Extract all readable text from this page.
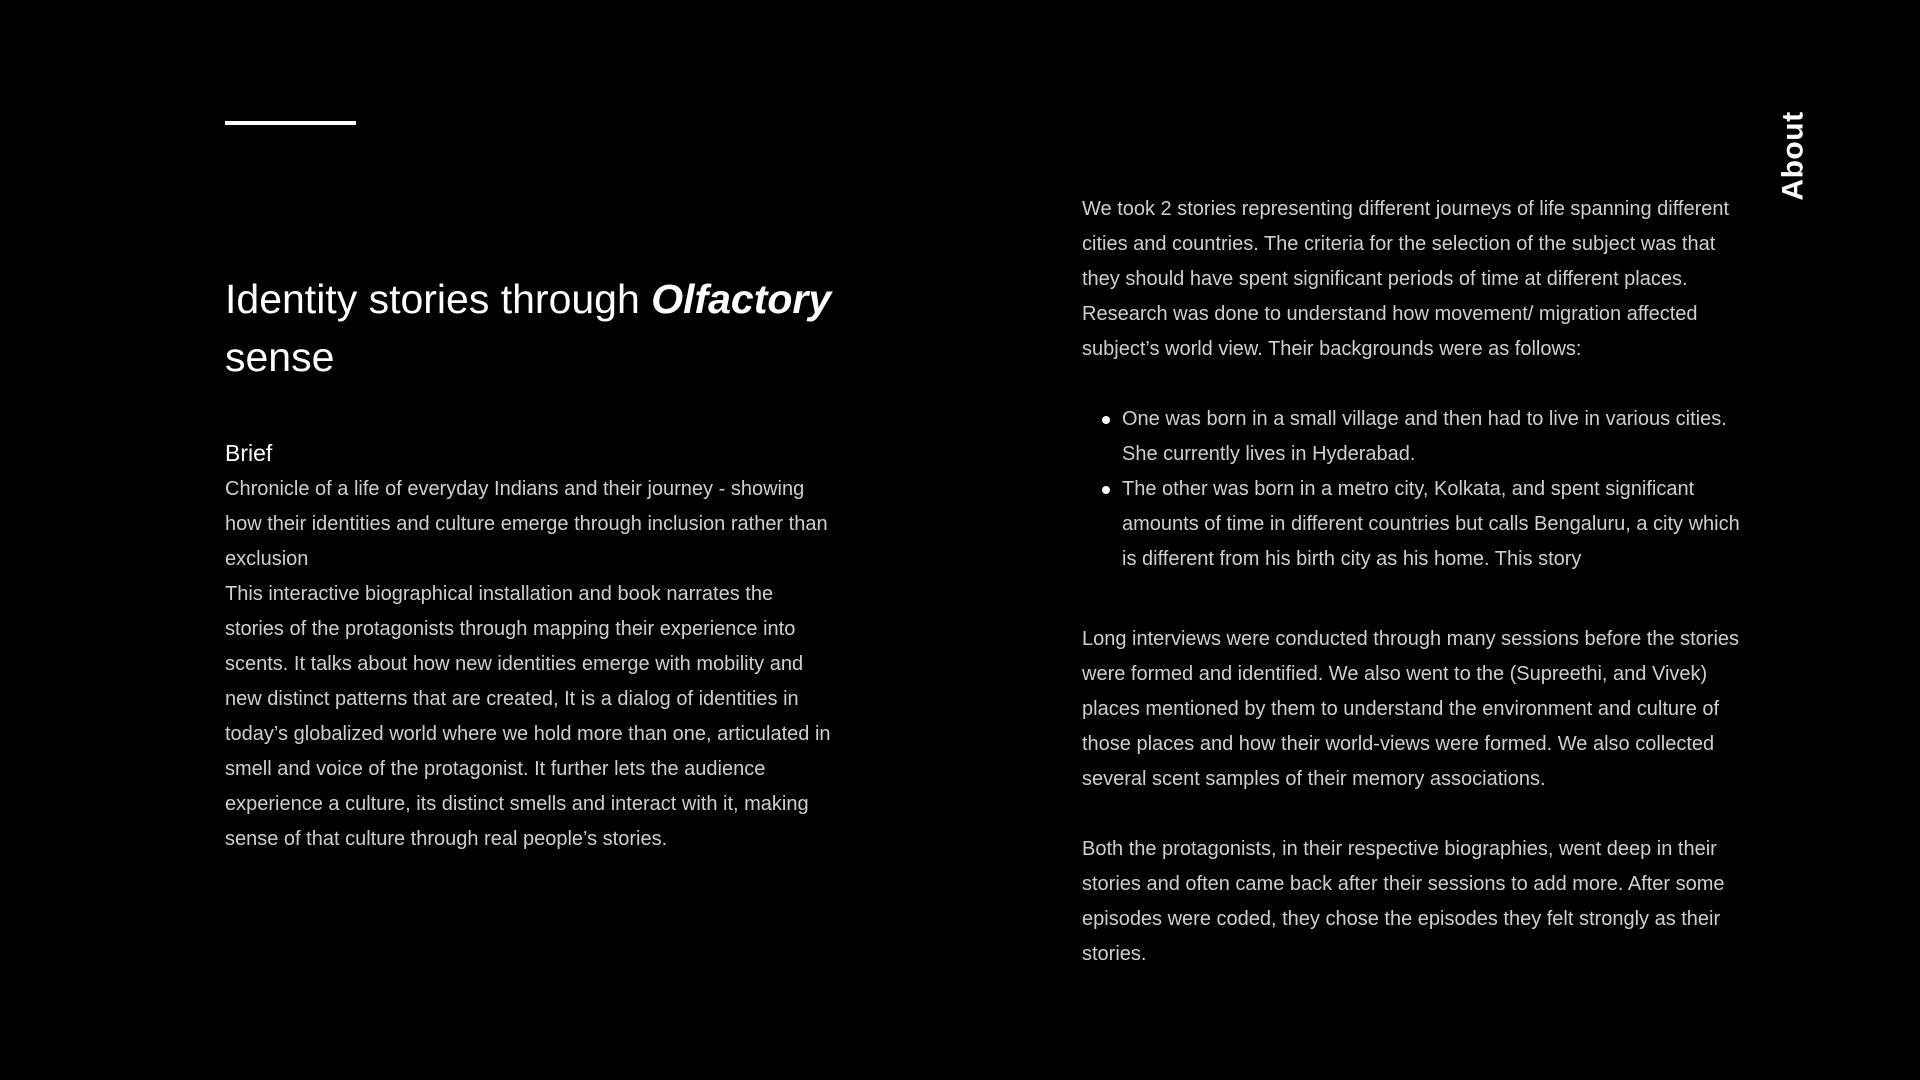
About
Identity stories through Olfactory
sense
Brief

Chronicle of a life of everyday Indians and their journey - showing how their identities and culture emerge through inclusion rather than exclusion

This interactive biographical installation and book narrates the stories of the protagonists through mapping their experience into scents. It talks about how new identities emerge with mobility and new distinct patterns that are created, It is a dialog of identities in today’s globalized world where we hold more than one, articulated in smell and voice of the protagonist. It further lets the audience experience a culture, its distinct smells and interact with it, making sense of that culture through real people’s stories.

We took 2 stories representing different journeys of life spanning different cities and countries. The criteria for the selection of the subject was that they should have spent significant periods of time at different places. Research was done to understand how movement/ migration affected subject’s world view. Their backgrounds were as follows:

One was born in a small village and then had to live in various cities. She currently lives in Hyderabad.
The other was born in a metro city, Kolkata, and spent significant amounts of time in different countries but calls Bengaluru, a city which is different from his birth city as his home. This story

Long interviews were conducted through many sessions before the stories were formed and identified. We also went to the (Supreethi, and Vivek) places mentioned by them to understand the environment and culture of those places and how their world-views were formed. We also collected several scent samples of their memory associations.

Both the protagonists, in their respective biographies, went deep in their stories and often came back after their sessions to add more. After some episodes were coded, they chose the episodes they felt strongly as their stories.
